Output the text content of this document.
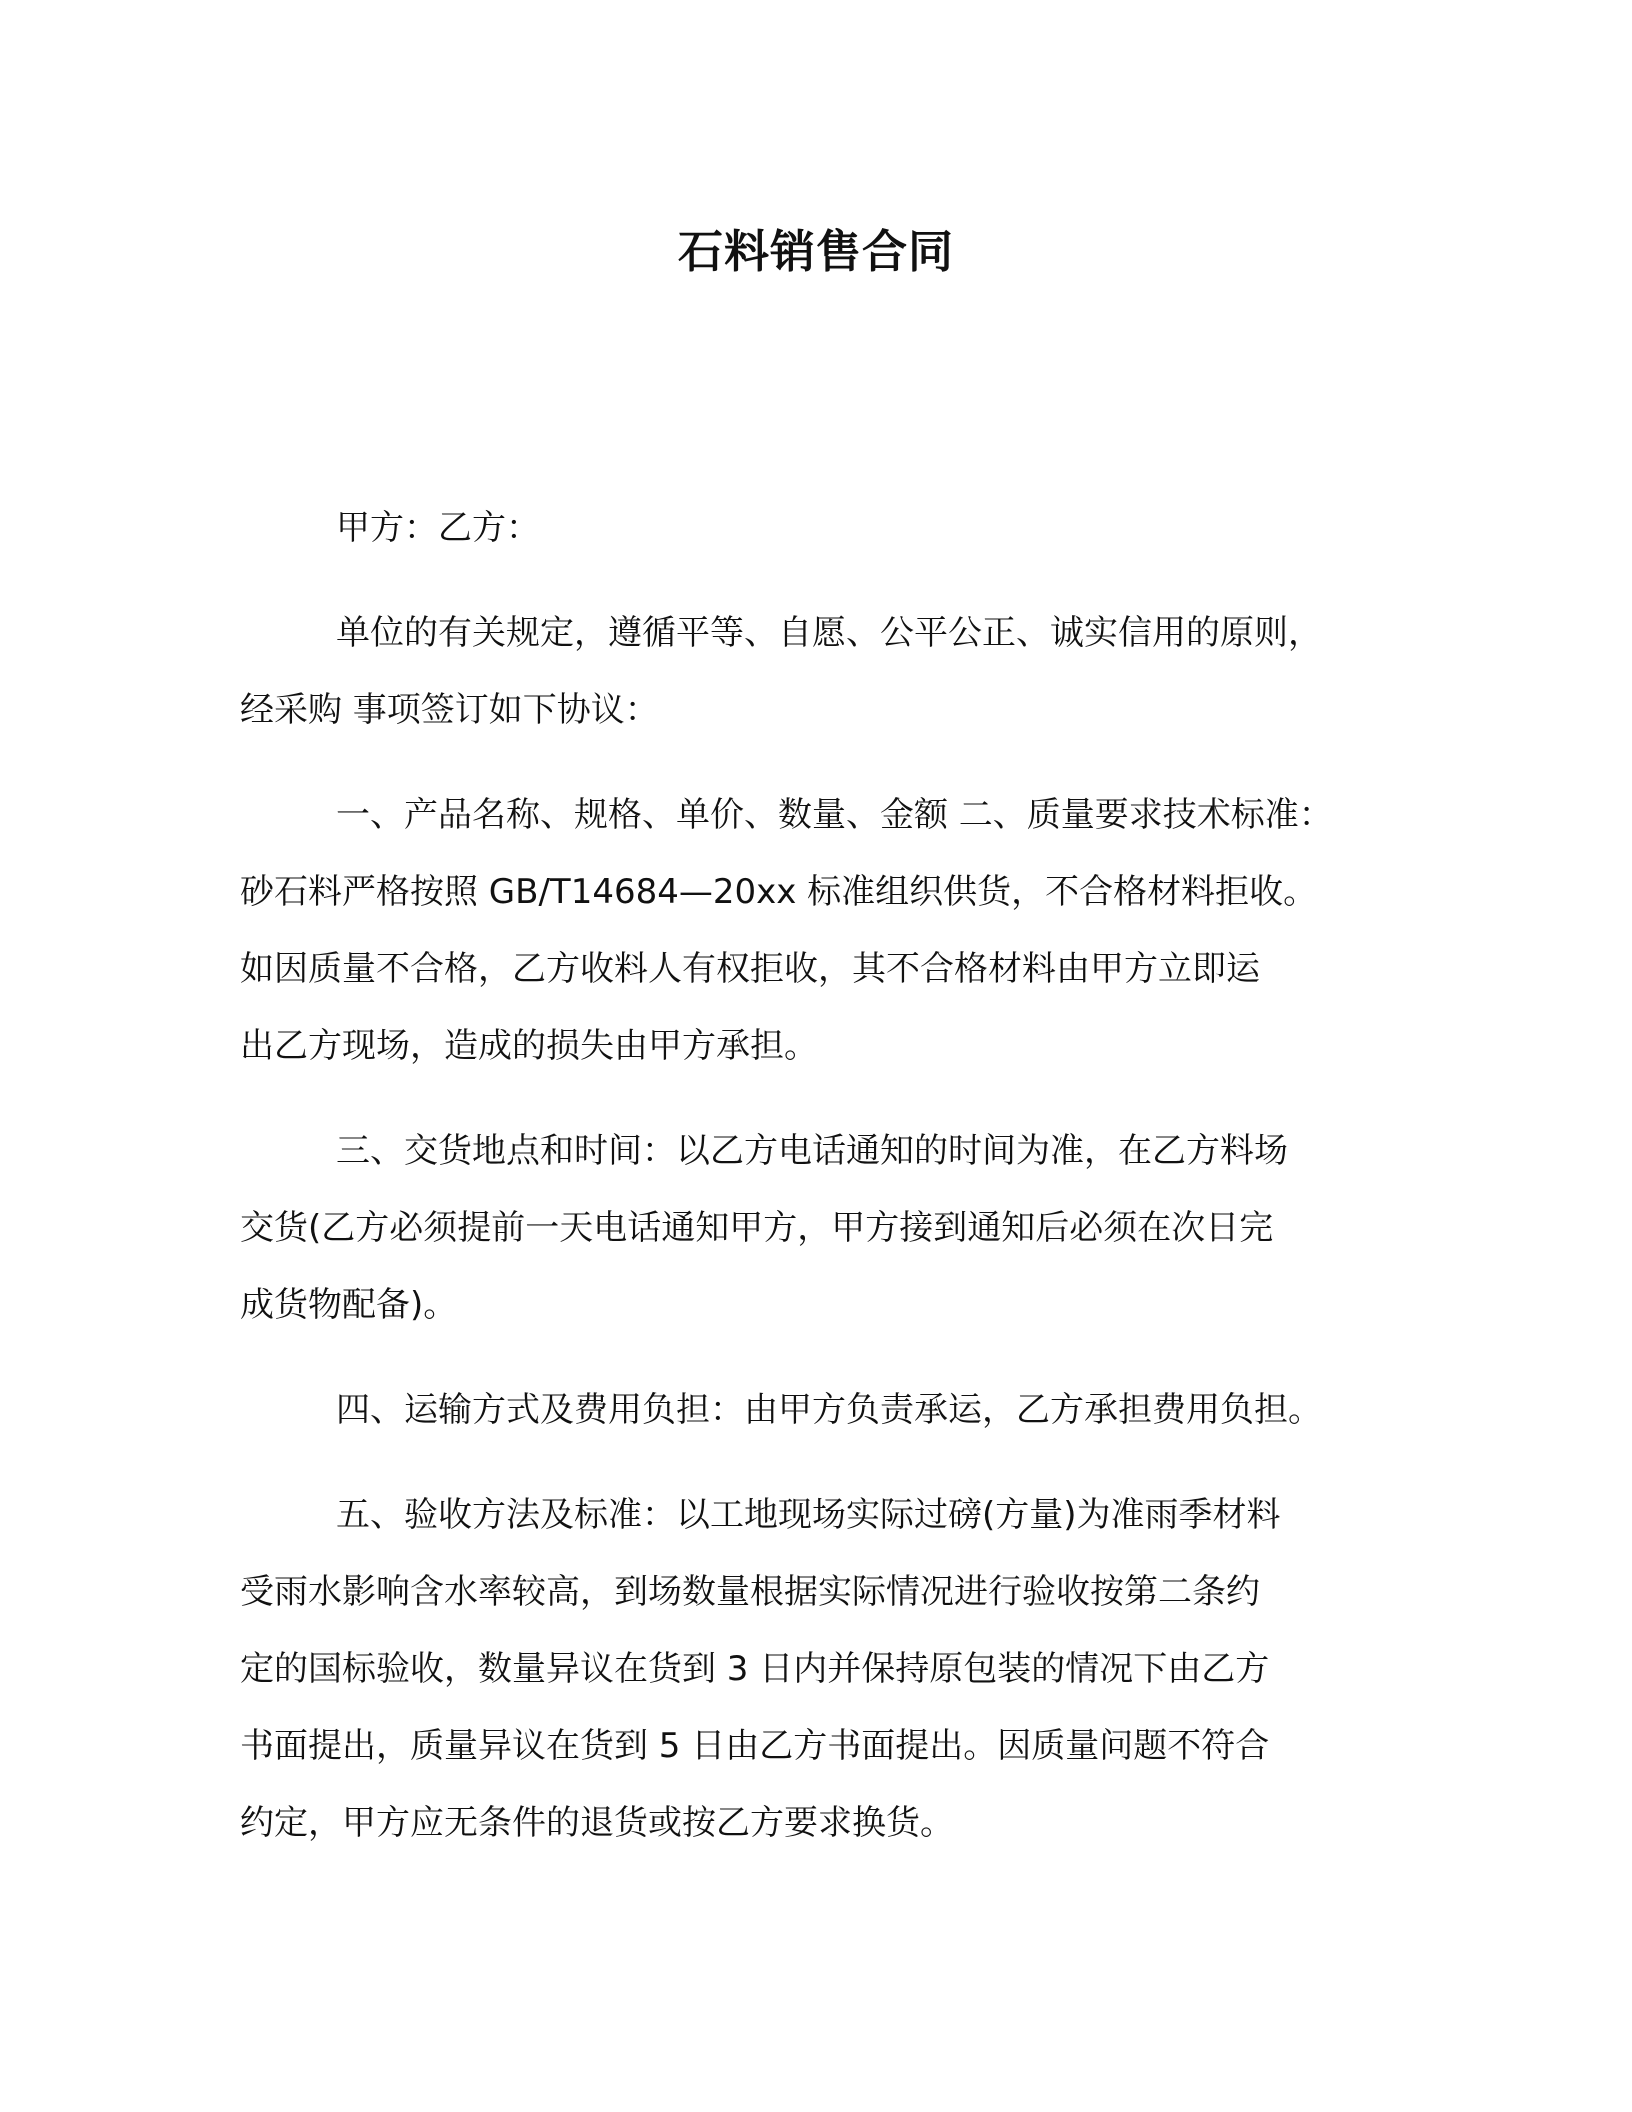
石料销售合同
甲方：乙方：
单位的有关规定，遵循平等、自愿、公平公正、诚实信用的原则，
经采购 事项签订如下协议：
一、产品名称、规格、单价、数量、金额 二、质量要求技术标准：
砂石料严格按照 GB/T14684—20xx 标准组织供货，不合格材料拒收。
如因质量不合格，乙方收料人有权拒收，其不合格材料由甲方立即运
出乙方现场，造成的损失由甲方承担。
三、交货地点和时间：以乙方电话通知的时间为准，在乙方料场
交货(乙方必须提前一天电话通知甲方，甲方接到通知后必须在次日完
成货物配备)。
四、运输方式及费用负担：由甲方负责承运，乙方承担费用负担。
五、验收方法及标准：以工地现场实际过磅(方量)为准雨季材料
受雨水影响含水率较高，到场数量根据实际情况进行验收按第二条约
定的国标验收，数量异议在货到 3 日内并保持原包装的情况下由乙方
书面提出，质量异议在货到 5 日由乙方书面提出。因质量问题不符合
约定，甲方应无条件的退货或按乙方要求换货。
